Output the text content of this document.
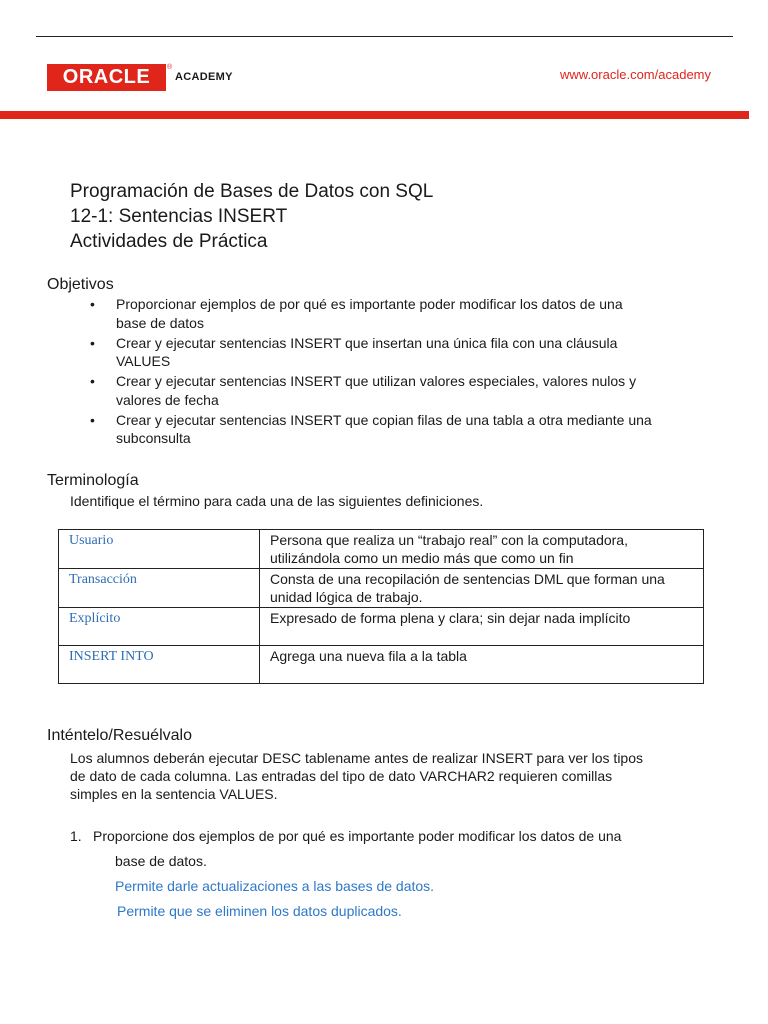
ORACLE ®
ACADEMY	www.oracle.com/academy
Programación de Bases de Datos con SQL
12-1: Sentencias INSERT
Actividades de Práctica
Objetivos
• Proporcionar ejemplos de por qué es importante poder modificar los datos de una
base de datos
• Crear y ejecutar sentencias INSERT que insertan una única fila con una cláusula
VALUES
• Crear y ejecutar sentencias INSERT que utilizan valores especiales, valores nulos y
valores de fecha
• Crear y ejecutar sentencias INSERT que copian filas de una tabla a otra mediante una
subconsulta
Terminología
Identifique el término para cada una de las siguientes definiciones.
Usuario	Persona que realiza un “trabajo real” con la computadora,
utilizándola como un medio más que como un fin
Transacción	Consta de una recopilación de sentencias DML que forman una
unidad lógica de trabajo.
Explícito	Expresado de forma plena y clara; sin dejar nada implícito
INSERT INTO	Agrega una nueva fila a la tabla
Inténtelo/Resuélvalo
Los alumnos deberán ejecutar DESC tablename antes de realizar INSERT para ver los tipos
de dato de cada columna. Las entradas del tipo de dato VARCHAR2 requieren comillas
simples en la sentencia VALUES.
1. Proporcione dos ejemplos de por qué es importante poder modificar los datos de una
base de datos.
Permite darle actualizaciones a las bases de datos.
Permite que se eliminen los datos duplicados.
